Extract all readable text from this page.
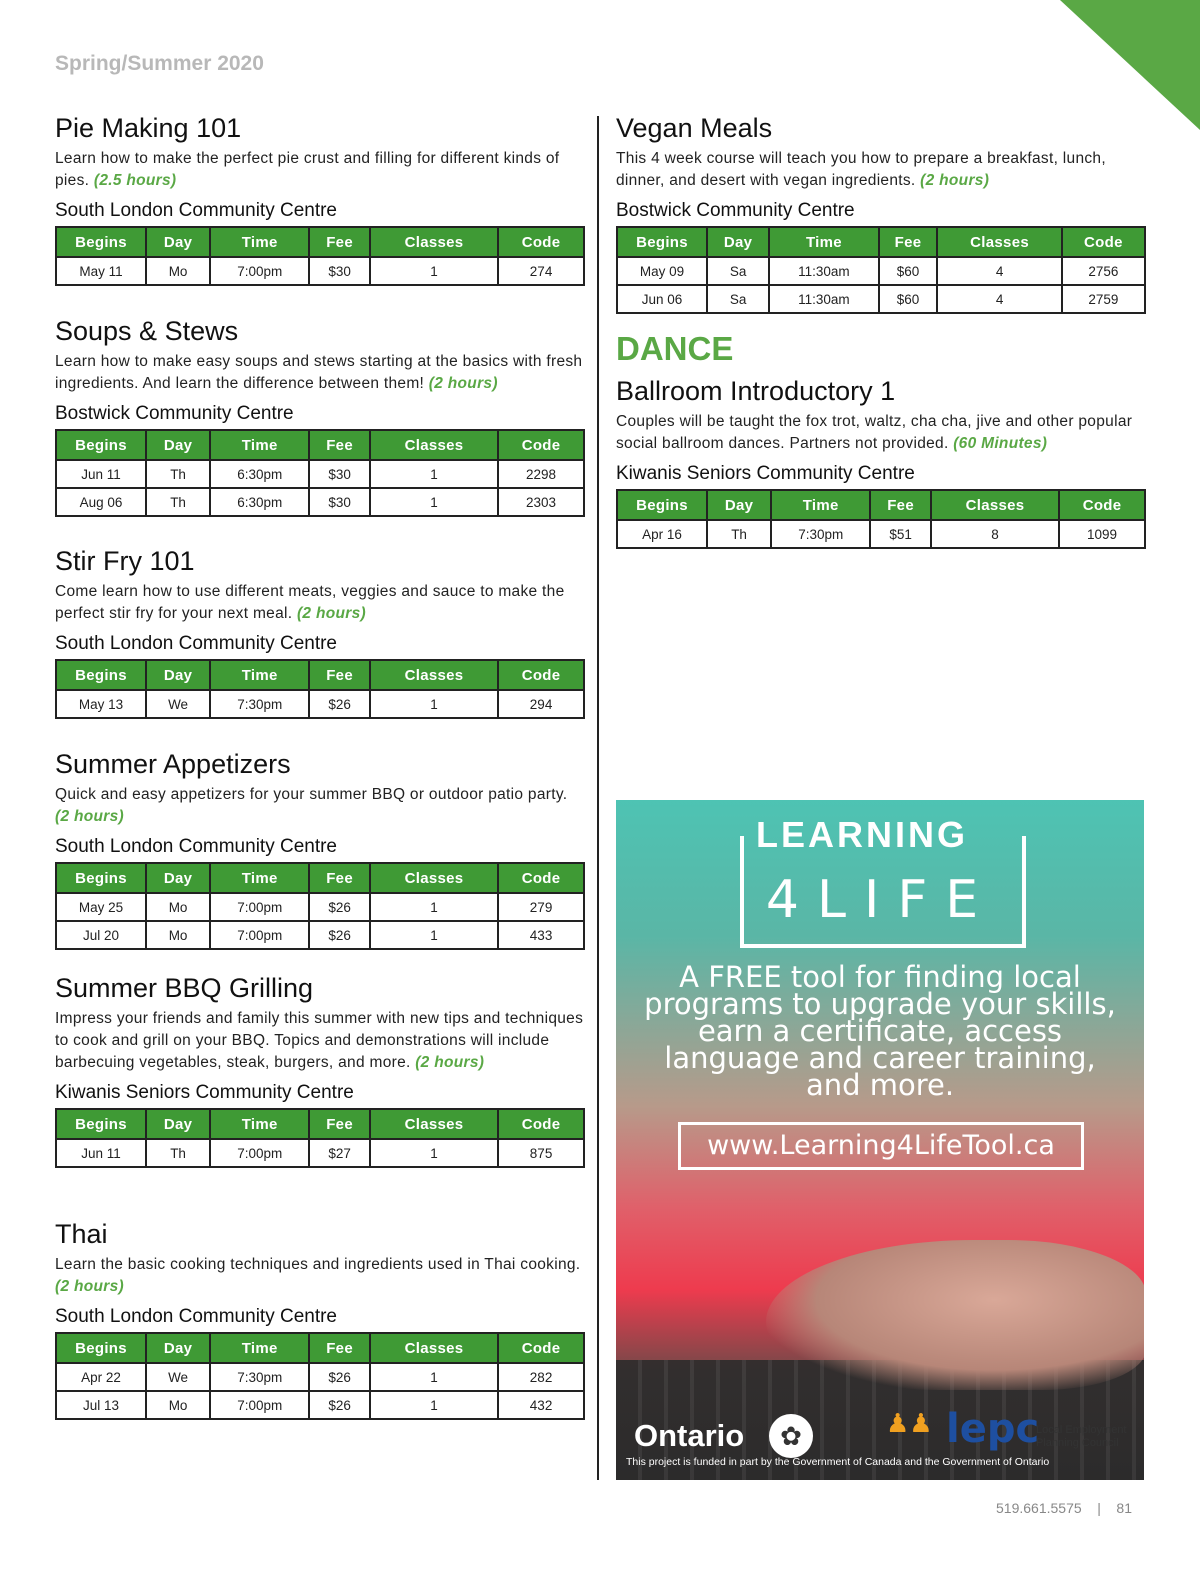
Spring/Summer 2020
Pie Making 101

Learn how to make the perfect pie crust and filling for different kinds of pies. (2.5 hours)

South London Community Centre
Begins	Day	Time	Fee	Classes	Code
May 11	Mo	7:00pm	$30	1	274
Soups & Stews

Learn how to make easy soups and stews starting at the basics with fresh ingredients. And learn the difference between them! (2 hours)

Bostwick Community Centre
Begins	Day	Time	Fee	Classes	Code
Jun 11	Th	6:30pm	$30	1	2298
Aug 06	Th	6:30pm	$30	1	2303
Stir Fry 101

Come learn how to use different meats, veggies and sauce to make the perfect stir fry for your next meal. (2 hours)

South London Community Centre
Begins	Day	Time	Fee	Classes	Code
May 13	We	7:30pm	$26	1	294
Summer Appetizers

Quick and easy appetizers for your summer BBQ or outdoor patio party. (2 hours)

South London Community Centre
Begins	Day	Time	Fee	Classes	Code
May 25	Mo	7:00pm	$26	1	279
Jul 20	Mo	7:00pm	$26	1	433
Summer BBQ Grilling

Impress your friends and family this summer with new tips and techniques to cook and grill on your BBQ. Topics and demonstrations will include barbecuing vegetables, steak, burgers, and more. (2 hours)

Kiwanis Seniors Community Centre
Begins	Day	Time	Fee	Classes	Code
Jun 11	Th	7:00pm	$27	1	875
Thai

Learn the basic cooking techniques and ingredients used in Thai cooking. (2 hours)

South London Community Centre
Begins	Day	Time	Fee	Classes	Code
Apr 22	We	7:30pm	$26	1	282
Jul 13	Mo	7:00pm	$26	1	432
Vegan Meals

This 4 week course will teach you how to prepare a breakfast, lunch, dinner, and desert with vegan ingredients. (2 hours)

Bostwick Community Centre
Begins	Day	Time	Fee	Classes	Code
May 09	Sa	11:30am	$60	4	2756
Jun 06	Sa	11:30am	$60	4	2759
DANCE
Ballroom Introductory 1

Couples will be taught the fox trot, waltz, cha cha, jive and other popular social ballroom dances. Partners not provided. (60 Minutes)

Kiwanis Seniors Community Centre
Begins	Day	Time	Fee	Classes	Code
Apr 16	Th	7:30pm	$51	8	1099
LEARNING
4LIFE
A FREE tool for finding local programs to upgrade your skills, earn a certificate, access language and career training, and more.
www.Learning4LifeTool.ca
Ontario	✿	♟♟ lepc
Local Employment Planning Council
This project is funded in part by the Government of Canada and the Government of Ontario
519.661.5575 | 81
